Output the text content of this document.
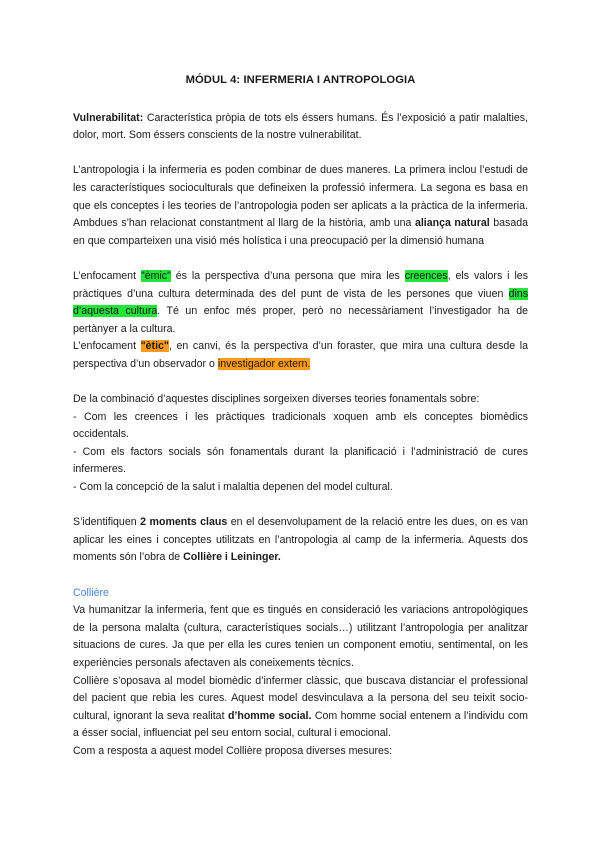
MÓDUL 4: INFERMERIA I ANTROPOLOGIA

Vulnerabilitat: Característica pròpia de tots els éssers humans. És l’exposició a patir malalties, dolor, mort. Som éssers conscients de la nostre vulnerabilitat.

L’antropologia i la infermeria es poden combinar de dues maneres. La primera inclou l’estudi de les característiques socioculturals que defineixen la professió infermera. La segona es basa en que els conceptes i les teories de l’antropologia poden ser aplicats a la pràctica de la infermeria. Ambdues s’han relacionat constantment al llarg de la història, amb una aliança natural basada en que comparteixen una visió més holística i una preocupació per la dimensió humana

L’enfocament "èmic" és la perspectiva d’una persona que mira les creences, els valors i les pràctiques d’una cultura determinada des del punt de vista de les persones que viuen dins d’aquesta cultura. Té un enfoc més proper, però no necessàriament l’investigador ha de pertànyer a la cultura.

L’enfocament "ètic", en canvi, és la perspectiva d’un foraster, que mira una cultura desde la perspectiva d’un observador o investigador extern.

De la combinació d’aquestes disciplines sorgeixen diverses teories fonamentals sobre:

- Com les creences i les pràctiques tradicionals xoquen amb els conceptes biomèdics occidentals.

- Com els factors socials són fonamentals durant la planificació i l’administració de cures infermeres.

- Com la concepció de la salut i malaltia depenen del model cultural.

S’identifiquen 2 moments claus en el desenvolupament de la relació entre les dues, on es van aplicar les eines i conceptes utilitzats en l’antropologia al camp de la infermeria. Aquests dos moments són l’obra de Collière i Leininger.

Collière

Va humanitzar la infermeria, fent que es tingués en consideració les variacions antropològiques de la persona malalta (cultura, característiques socials…) utilitzant l’antropologia per analitzar situacions de cures. Ja que per ella les cures tenien un component emotiu, sentimental, on les experiències personals afectaven als coneixements tècnics.

Collière s’oposava al model biomèdic d’infermer clàssic, que buscava distanciar el professional del pacient que rebia les cures. Aquest model desvinculava a la persona del seu teixit socio-cultural, ignorant la seva realitat d’homme social. Com homme social entenem a l’individu com a ésser social, influenciat pel seu entorn social, cultural i emocional.

Com a resposta a aquest model Collière proposa diverses mesures:
